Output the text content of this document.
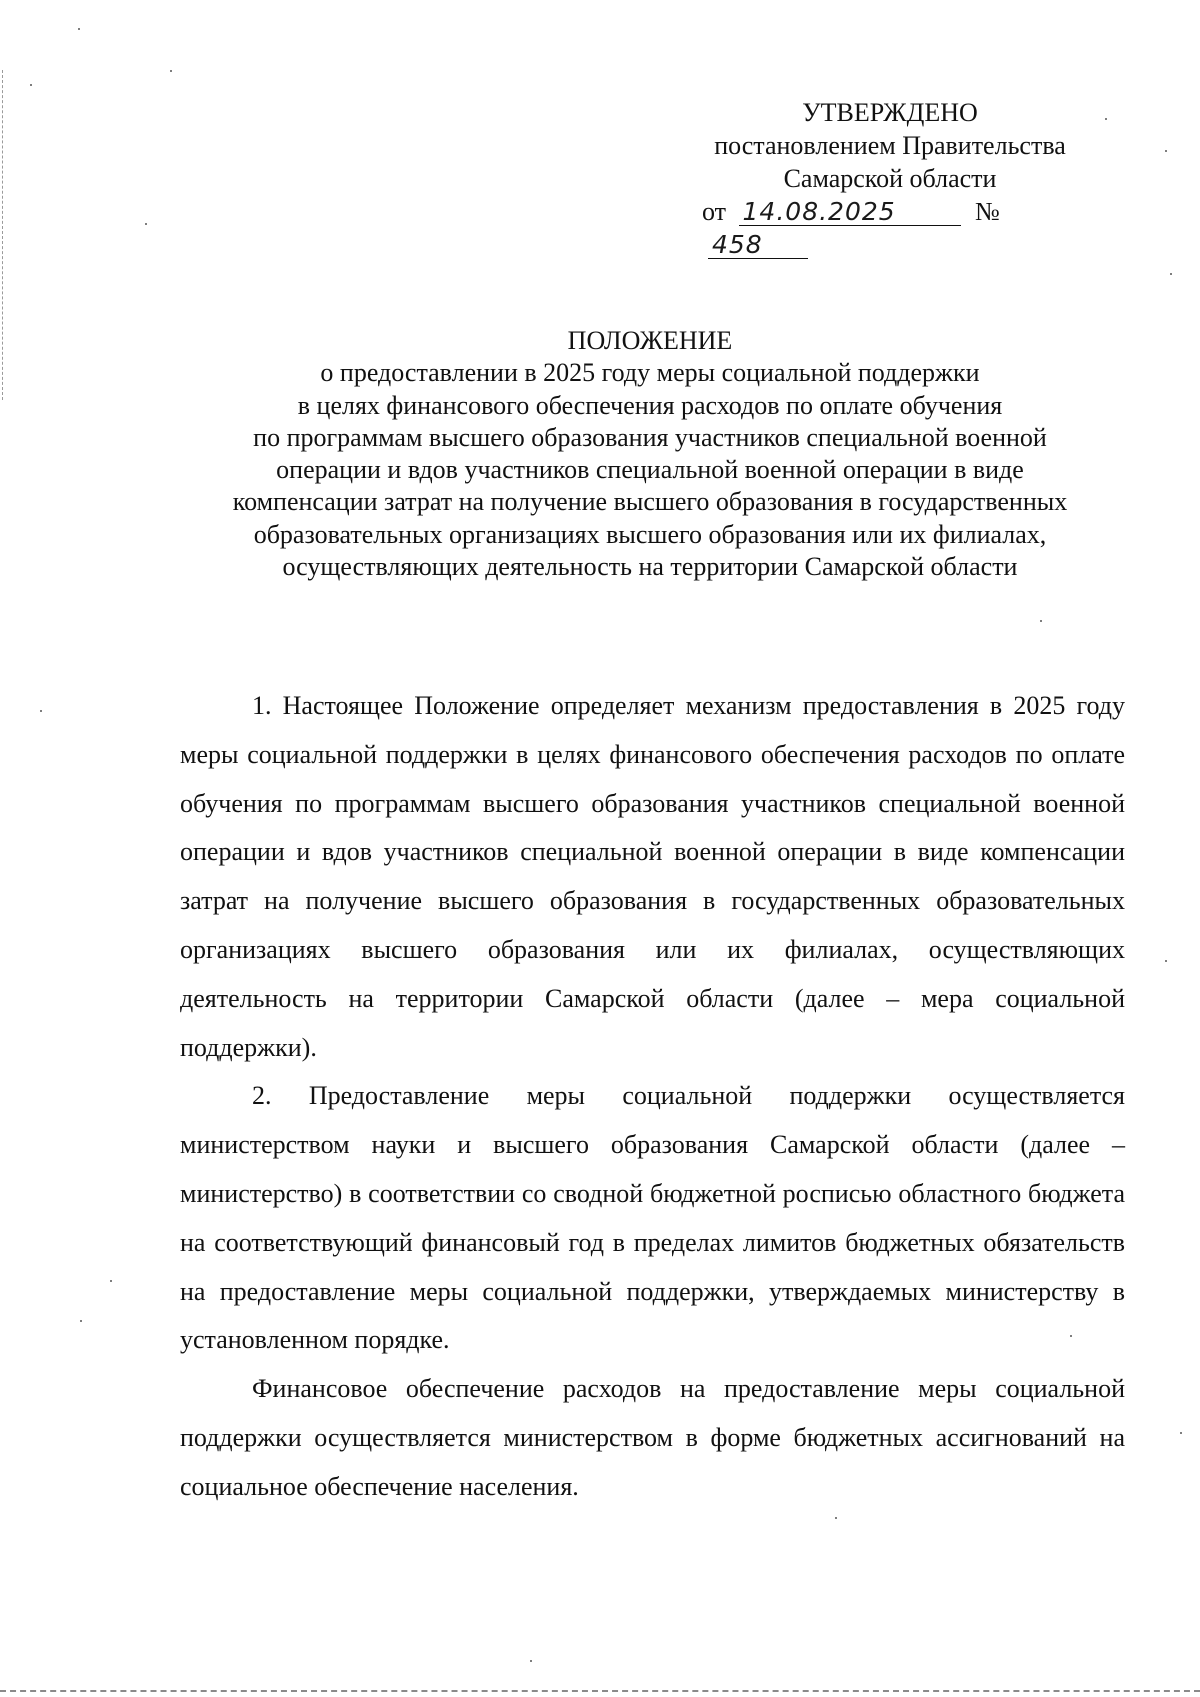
УТВЕРЖДЕНО
постановлением Правительства
Самарской области
от 14.08.2025	№ 458
ПОЛОЖЕНИЕ
о предоставлении в 2025 году меры социальной поддержки
в целях финансового обеспечения расходов по оплате обучения
по программам высшего образования участников специальной военной
операции и вдов участников специальной военной операции в виде
компенсации затрат на получение высшего образования в государственных
образовательных организациях высшего образования или их филиалах,
осуществляющих деятельность на территории Самарской области

1. Настоящее Положение определяет механизм предоставления в 2025 году меры социальной поддержки в целях финансового обеспечения расходов по оплате обучения по программам высшего образования участников специальной военной операции и вдов участников специальной военной операции в виде компенсации затрат на получение высшего образования в государственных образовательных организациях высшего образования или их филиалах, осуществляющих деятельность на территории Самарской области (далее – мера социальной поддержки).

2. Предоставление меры социальной поддержки осуществляется министерством науки и высшего образования Самарской области (далее – министерство) в соответствии со сводной бюджетной росписью областного бюджета на соответствующий финансовый год в пределах лимитов бюджетных обязательств на предоставление меры социальной поддержки, утверждаемых министерству в установленном порядке.

Финансовое обеспечение расходов на предоставление меры социальной поддержки осуществляется министерством в форме бюджетных ассигнований на социальное обеспечение населения.
